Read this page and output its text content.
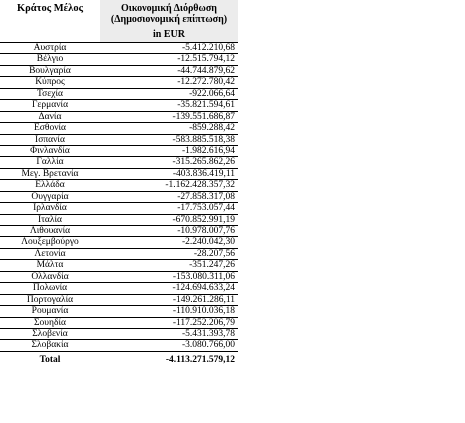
Κράτος Μέλος	Οικονομική Διόρθωση (Δημοσιονομική επίπτωση)
in EUR
Αυστρία	-5.412.210,68
Βέλγιο	-12.515.794,12
Βουλγαρία	-44.744.879,62
Κύπρος	-12.272.780,42
Τσεχία	-922.066,64
Γερμανία	-35.821.594,61
Δανία	-139.551.686,87
Εσθονία	-859.288,42
Ισπανία	-583.885.518,38
Φινλανδία	-1.982.616,94
Γαλλία	-315.265.862,26
Μεγ. Βρετανία	-403.836.419,11
Ελλάδα	-1.162.428.357,32
Ουγγαρία	-27.858.317,08
Ιρλανδία	-17.753.057,44
Ιταλία	-670.852.991,19
Λιθουανία	-10.978.007,76
Λουξεμβούργο	-2.240.042,30
Λετονία	-28.207,56
Μάλτα	-351.247,26
Ολλανδία	-153.080.311,06
Πολωνία	-124.694.633,24
Πορτογαλία	-149.261.286,11
Ρουμανία	-110.910.036,18
Σουηδία	-117.252.206,79
Σλοβενία	-5.431.393,78
Σλοβακία	-3.080.766,00
Total	-4.113.271.579,12
